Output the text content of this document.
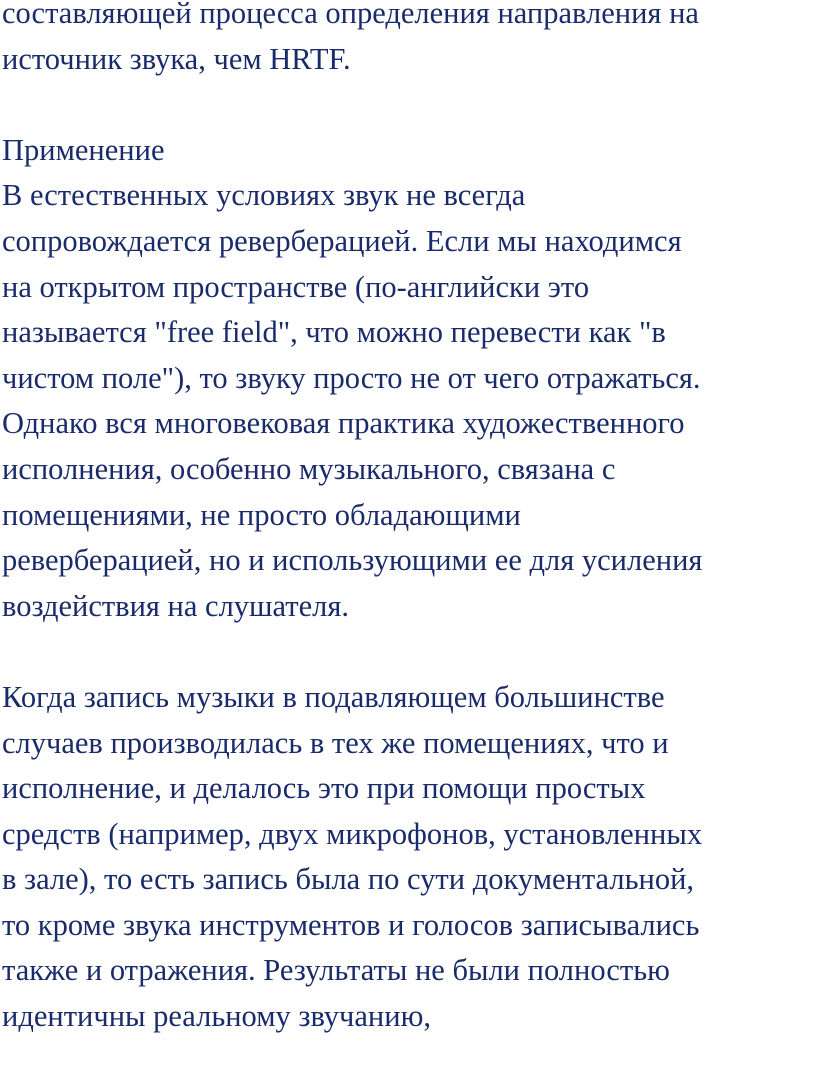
составляющей процесса определения направления на
источник звука, чем HRTF.
Применение
В естественных условиях звук не всегда
сопровождается реверберацией. Если мы находимся
на открытом пространстве (по-английски это
называется "free field", что можно перевести как "в
чистом поле"), то звуку просто не от чего отражаться.
Однако вся многовековая практика художественного
исполнения, особенно музыкального, связана с
помещениями, не просто обладающими
реверберацией, но и использующими ее для усиления
воздействия на слушателя.
Когда запись музыки в подавляющем большинстве
случаев производилась в тех же помещениях, что и
исполнение, и делалось это при помощи простых
средств (например, двух микрофонов, установленных
в зале), то есть запись была по сути документальной,
то кроме звука инструментов и голосов записывались
также и отражения. Результаты не были полностью
идентичны реальному звучанию,
